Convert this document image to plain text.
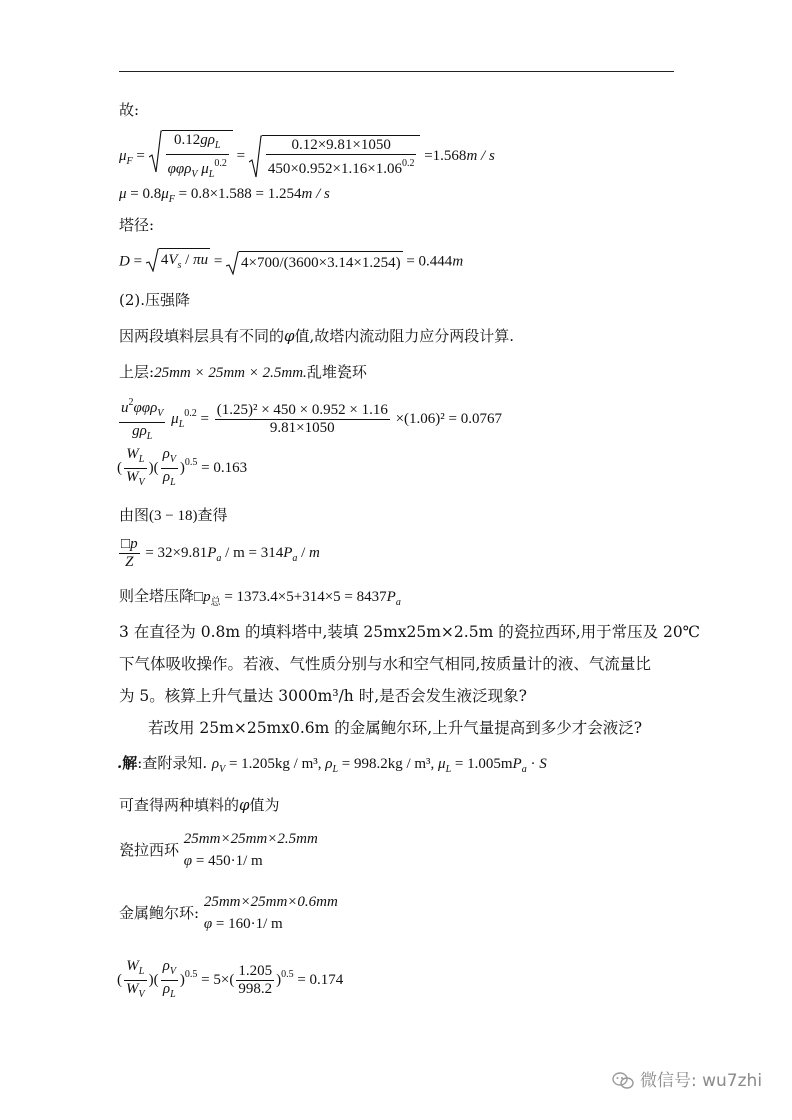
故:
$\mu_F = \frac{0.12g\rho_L}{\varphi\varphi\rho_V \mu_L^{0.2}} = \frac{0.12\times 9.81\times 1050}{450\times 0.952\times 1.16\times 1.06^{0.2}} =1.568m / s$
$\mu = 0.8\mu_F = 0.8\times 1.588 = 1.254m / s$
塔径:
D =
$4V_s$ / πu =
4×700/(3600×3.14×1.254) = 0.444m
(2).压强降
因两段填料层具有不同的φ值,故塔内流动阻力应分两段计算.
上层:25mm × 25mm × 2.5mm.乱堆瓷环
$\frac{u^2\varphi\varphi\rho_V}{g\rho_L} \mu_L^{0.2} = \frac{\text{(1.25)² × 450 × 0.952 × 1.16}}{9.81\times 1050} \times(1.06)^2 = 0.0767$
( $\frac{W_L}{W_V}$ )( $\frac{\rho_V}{\rho_L} )^{0.5} = 0.163$
由图(3 − 18)查得
$\frac{□p}{Z} = 32\times 9.81P_a / m = 314P_a / m$
则全塔压降$□p_总 = 1373.4\times 5+314\times 5 = 8437P_a$
3 在直径为 0.8m 的填料塔中,装填 25mx25m×2.5m 的瓷拉西环,用于常压及 20℃
下气体吸收操作。若液、气性质分别与水和空气相同,按质量计的液、气流量比
为 5。核算上升气量达 3000m³/h 时,是否会发生液泛现象?
若改用 25m×25mx0.6m 的金属鲍尔环,上升气量提高到多少才会液泛?
.解:查附录知. $\rho_V = 1.205kg / m^3$, $\rho_L = 998.2kg / m^3$, $\mu_L = 1.005mP_a \cdot S$
可查得两种填料的φ值为
瓷拉西环 25mm×25mm×2.5mm
φ = 450·1/ m
金属鲍尔环: 25mm×25mm×0.6mm
φ = 160·1/ m
( $\frac{W_L}{W_V}$ )( $\frac{\rho_V}{\rho_L} )^{0.5} = 5\times( \frac{1.205}{998.2} )^{0.5} = 0.174$
微信号: wu7zhi
